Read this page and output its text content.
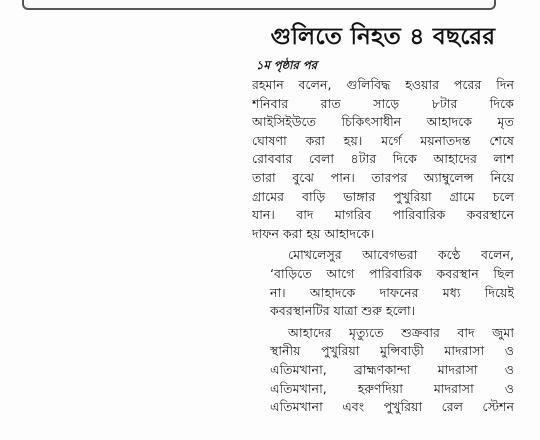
গুলিতে নিহত ৪ বছরের
১ম পৃষ্ঠার পর
রহমান বলেন, গুলিবিদ্ধ হওয়ার পরের দিন
শনিবার রাত সাড়ে ৮টার দিকে
আইসিইউতে চিকিৎসাধীন আহাদকে মৃত
ঘোষণা করা হয়। মর্গে ময়নাতদন্ত শেষে
রোববার বেলা ৪টার দিকে আহাদের লাশ
তারা বুঝে পান। তারপর অ্যাম্বুলেন্স নিয়ে
গ্রামের বাড়ি ভাঙ্গার পুখুরিয়া গ্রামে চলে
যান। বাদ মাগরিব পারিবারিক কবরস্থানে
দাফন করা হয় আহাদকে।
মোখলেসুর আবেগভরা কণ্ঠে বলেন,
‘বাড়িতে আগে পারিবারিক কবরস্থান ছিল
না। আহাদকে দাফনের মধ্য দিয়েই
কবরস্থানটির যাত্রা শুরু হলো।
আহাদের মৃত্যুতে শুক্রবার বাদ জুমা
স্থানীয় পুখুরিয়া মুন্সিবাড়ী মাদরাসা ও
এতিমখানা, ব্রাহ্মণকান্দা মাদরাসা ও
এতিমখানা, হরুণদিয়া মাদরাসা ও
এতিমখানা এবং পুখুরিয়া রেল স্টেশন
